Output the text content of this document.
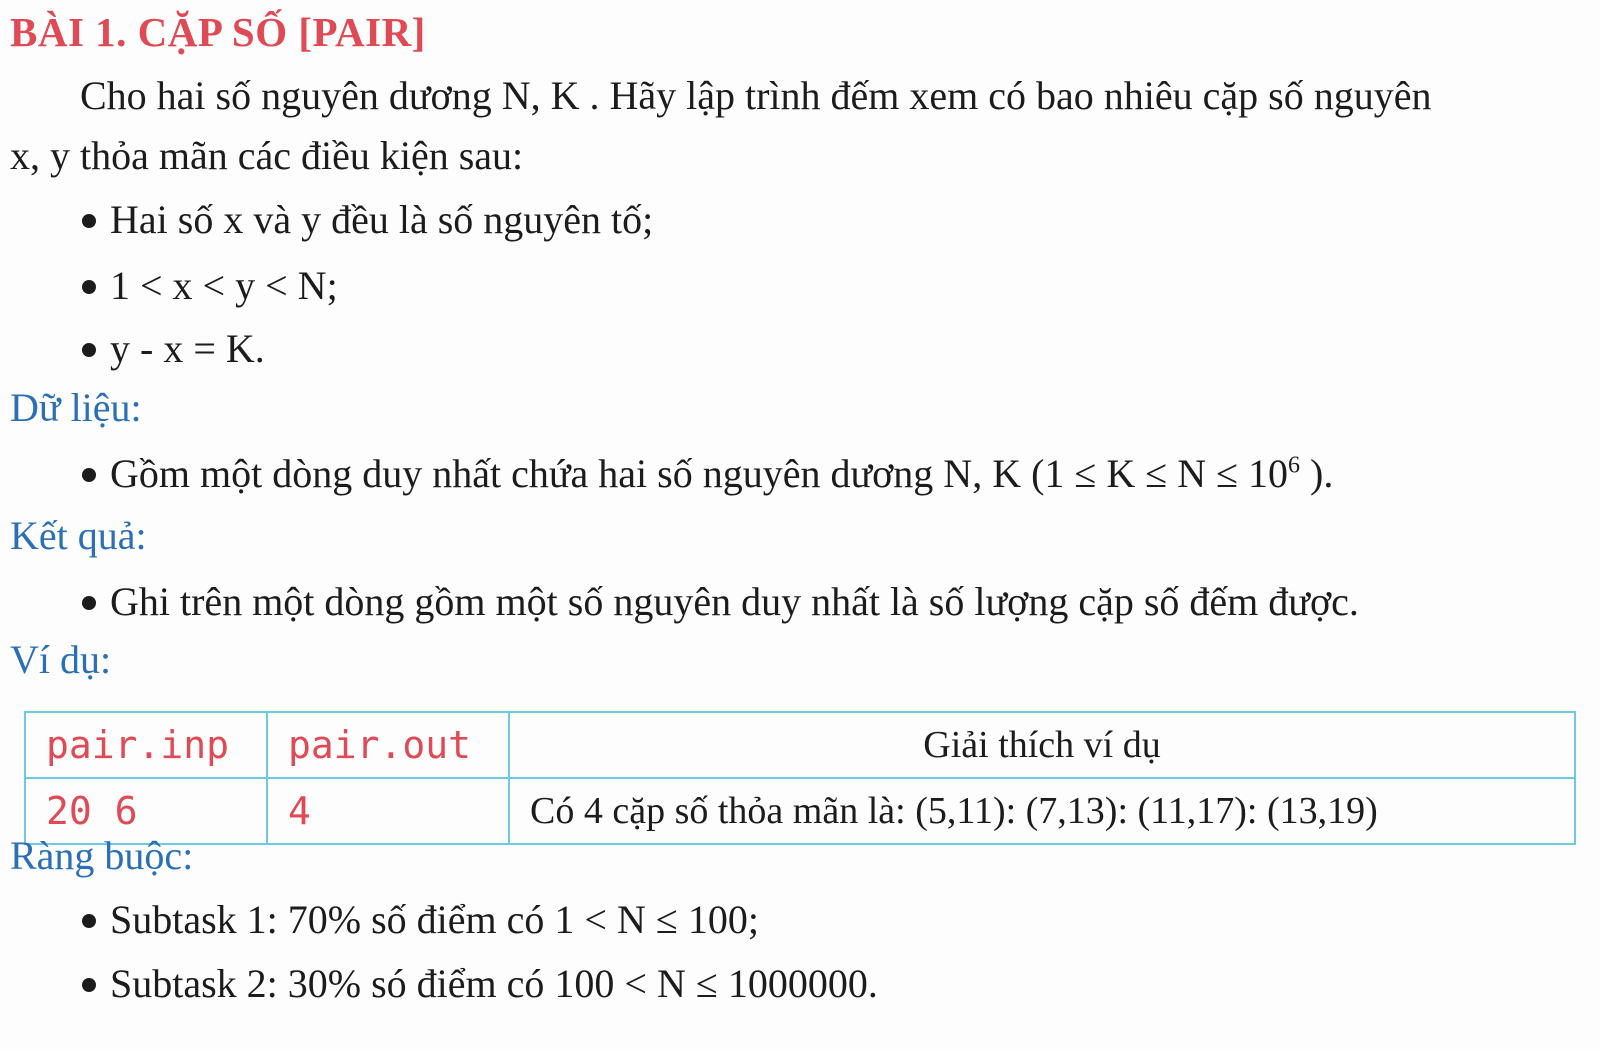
BÀI 1. CẶP SỐ [PAIR]
Cho hai số nguyên dương N, K . Hãy lập trình đếm xem có bao nhiêu cặp số nguyên
x, y thỏa mãn các điều kiện sau:
Hai số x và y đều là số nguyên tố;
1 < x < y < N;
y - x = K.
Dữ liệu:
Gồm một dòng duy nhất chứa hai số nguyên dương N, K ($1 \le K \le N \le 10^6$ ).
Kết quả:
Ghi trên một dòng gồm một số nguyên duy nhất là số lượng cặp số đếm được.
Ví dụ:
pair.inp	pair.out	Giải thích ví dụ
20 6	4	Có 4 cặp số thỏa mãn là: (5,11): (7,13): (11,17): (13,19)
Ràng buộc:
Subtask 1: 70% số điểm có 1 < N ≤ 100;
Subtask 2: 30% só điểm có 100 < N ≤ 1000000.
